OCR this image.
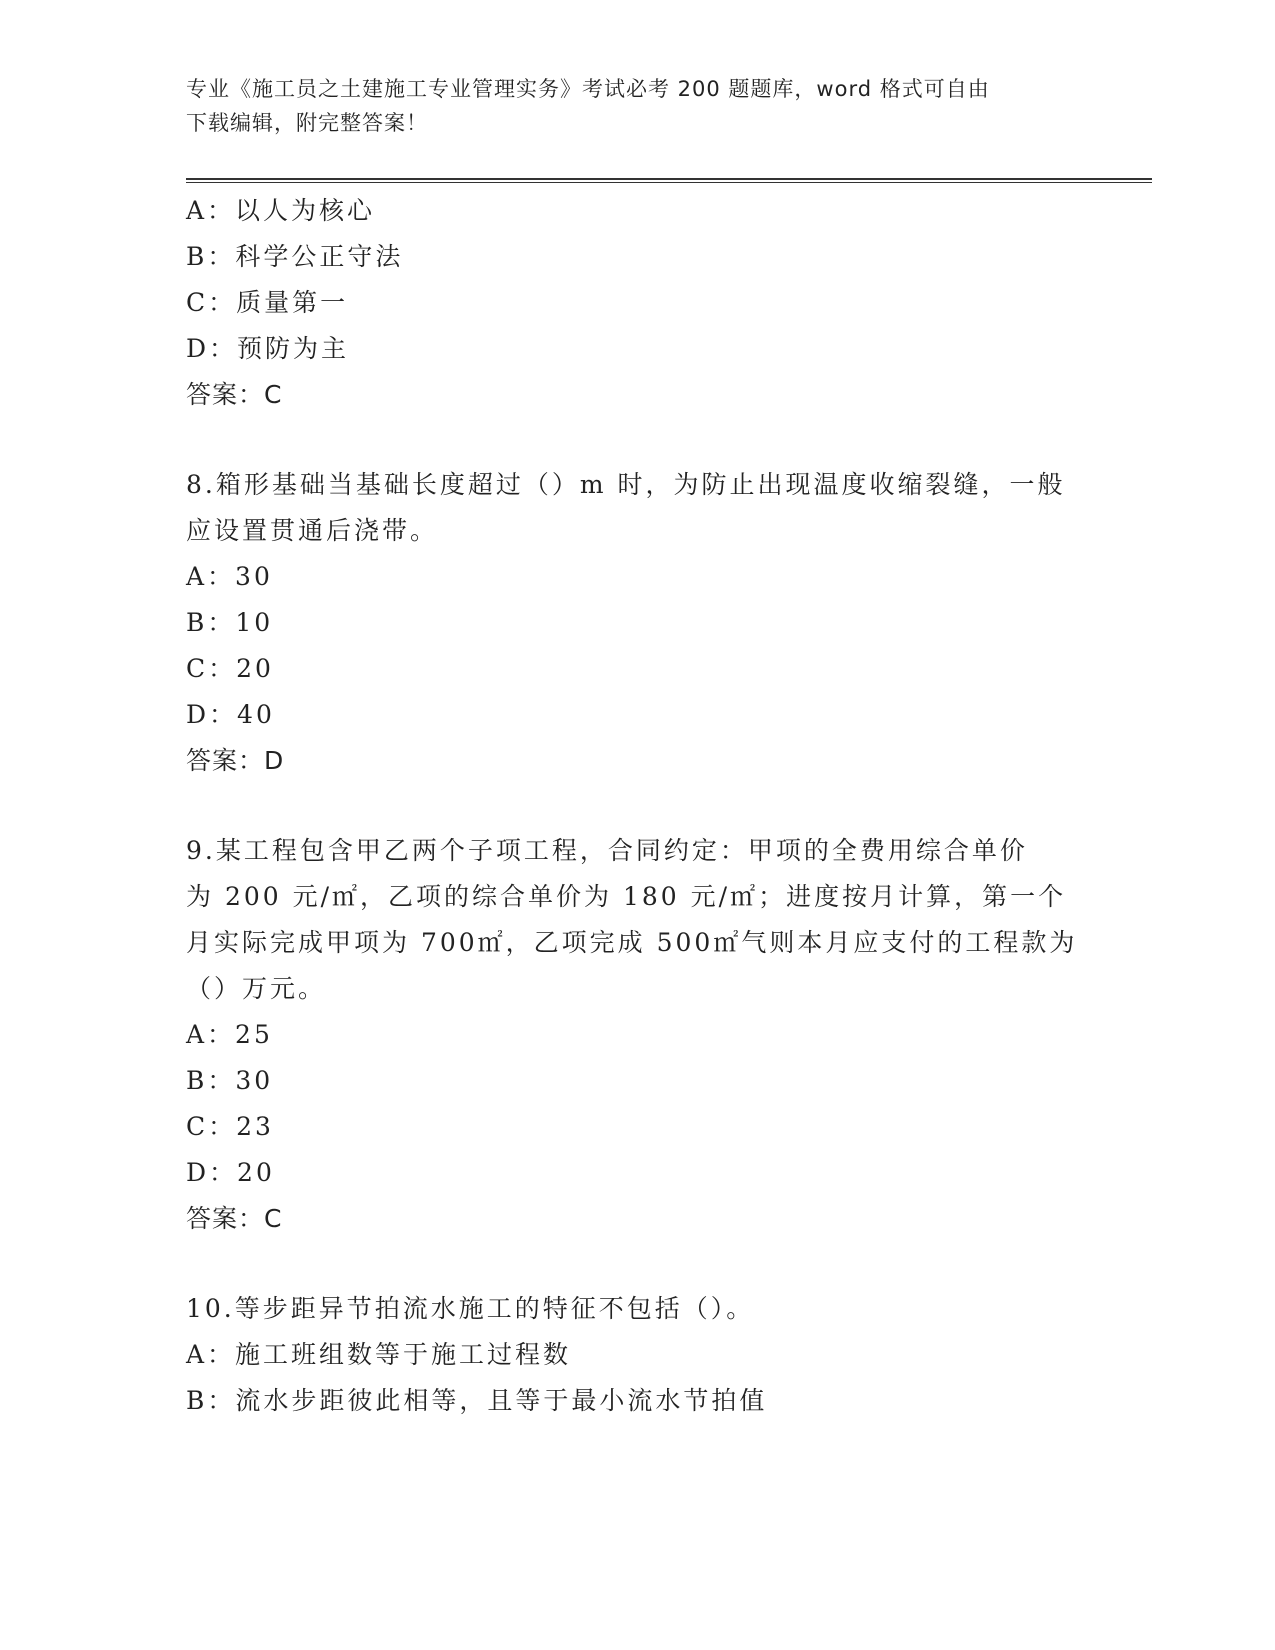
专业《施工员之土建施工专业管理实务》考试必考 200 题题库，word 格式可自由
下载编辑，附完整答案！
A：以人为核心
B：科学公正守法
C：质量第一
D：预防为主
答案：C
8.箱形基础当基础长度超过（）m 时，为防止出现温度收缩裂缝，一般
应设置贯通后浇带。
A：30
B：10
C：20
D：40
答案：D
9.某工程包含甲乙两个子项工程，合同约定：甲项的全费用综合单价
为 200 元/㎡，乙项的综合单价为 180 元/㎡；进度按月计算，第一个
月实际完成甲项为 700㎡，乙项完成 500㎡气则本月应支付的工程款为
（）万元。
A：25
B：30
C：23
D：20
答案：C
10.等步距异节拍流水施工的特征不包括（）。
A：施工班组数等于施工过程数
B：流水步距彼此相等，且等于最小流水节拍值
